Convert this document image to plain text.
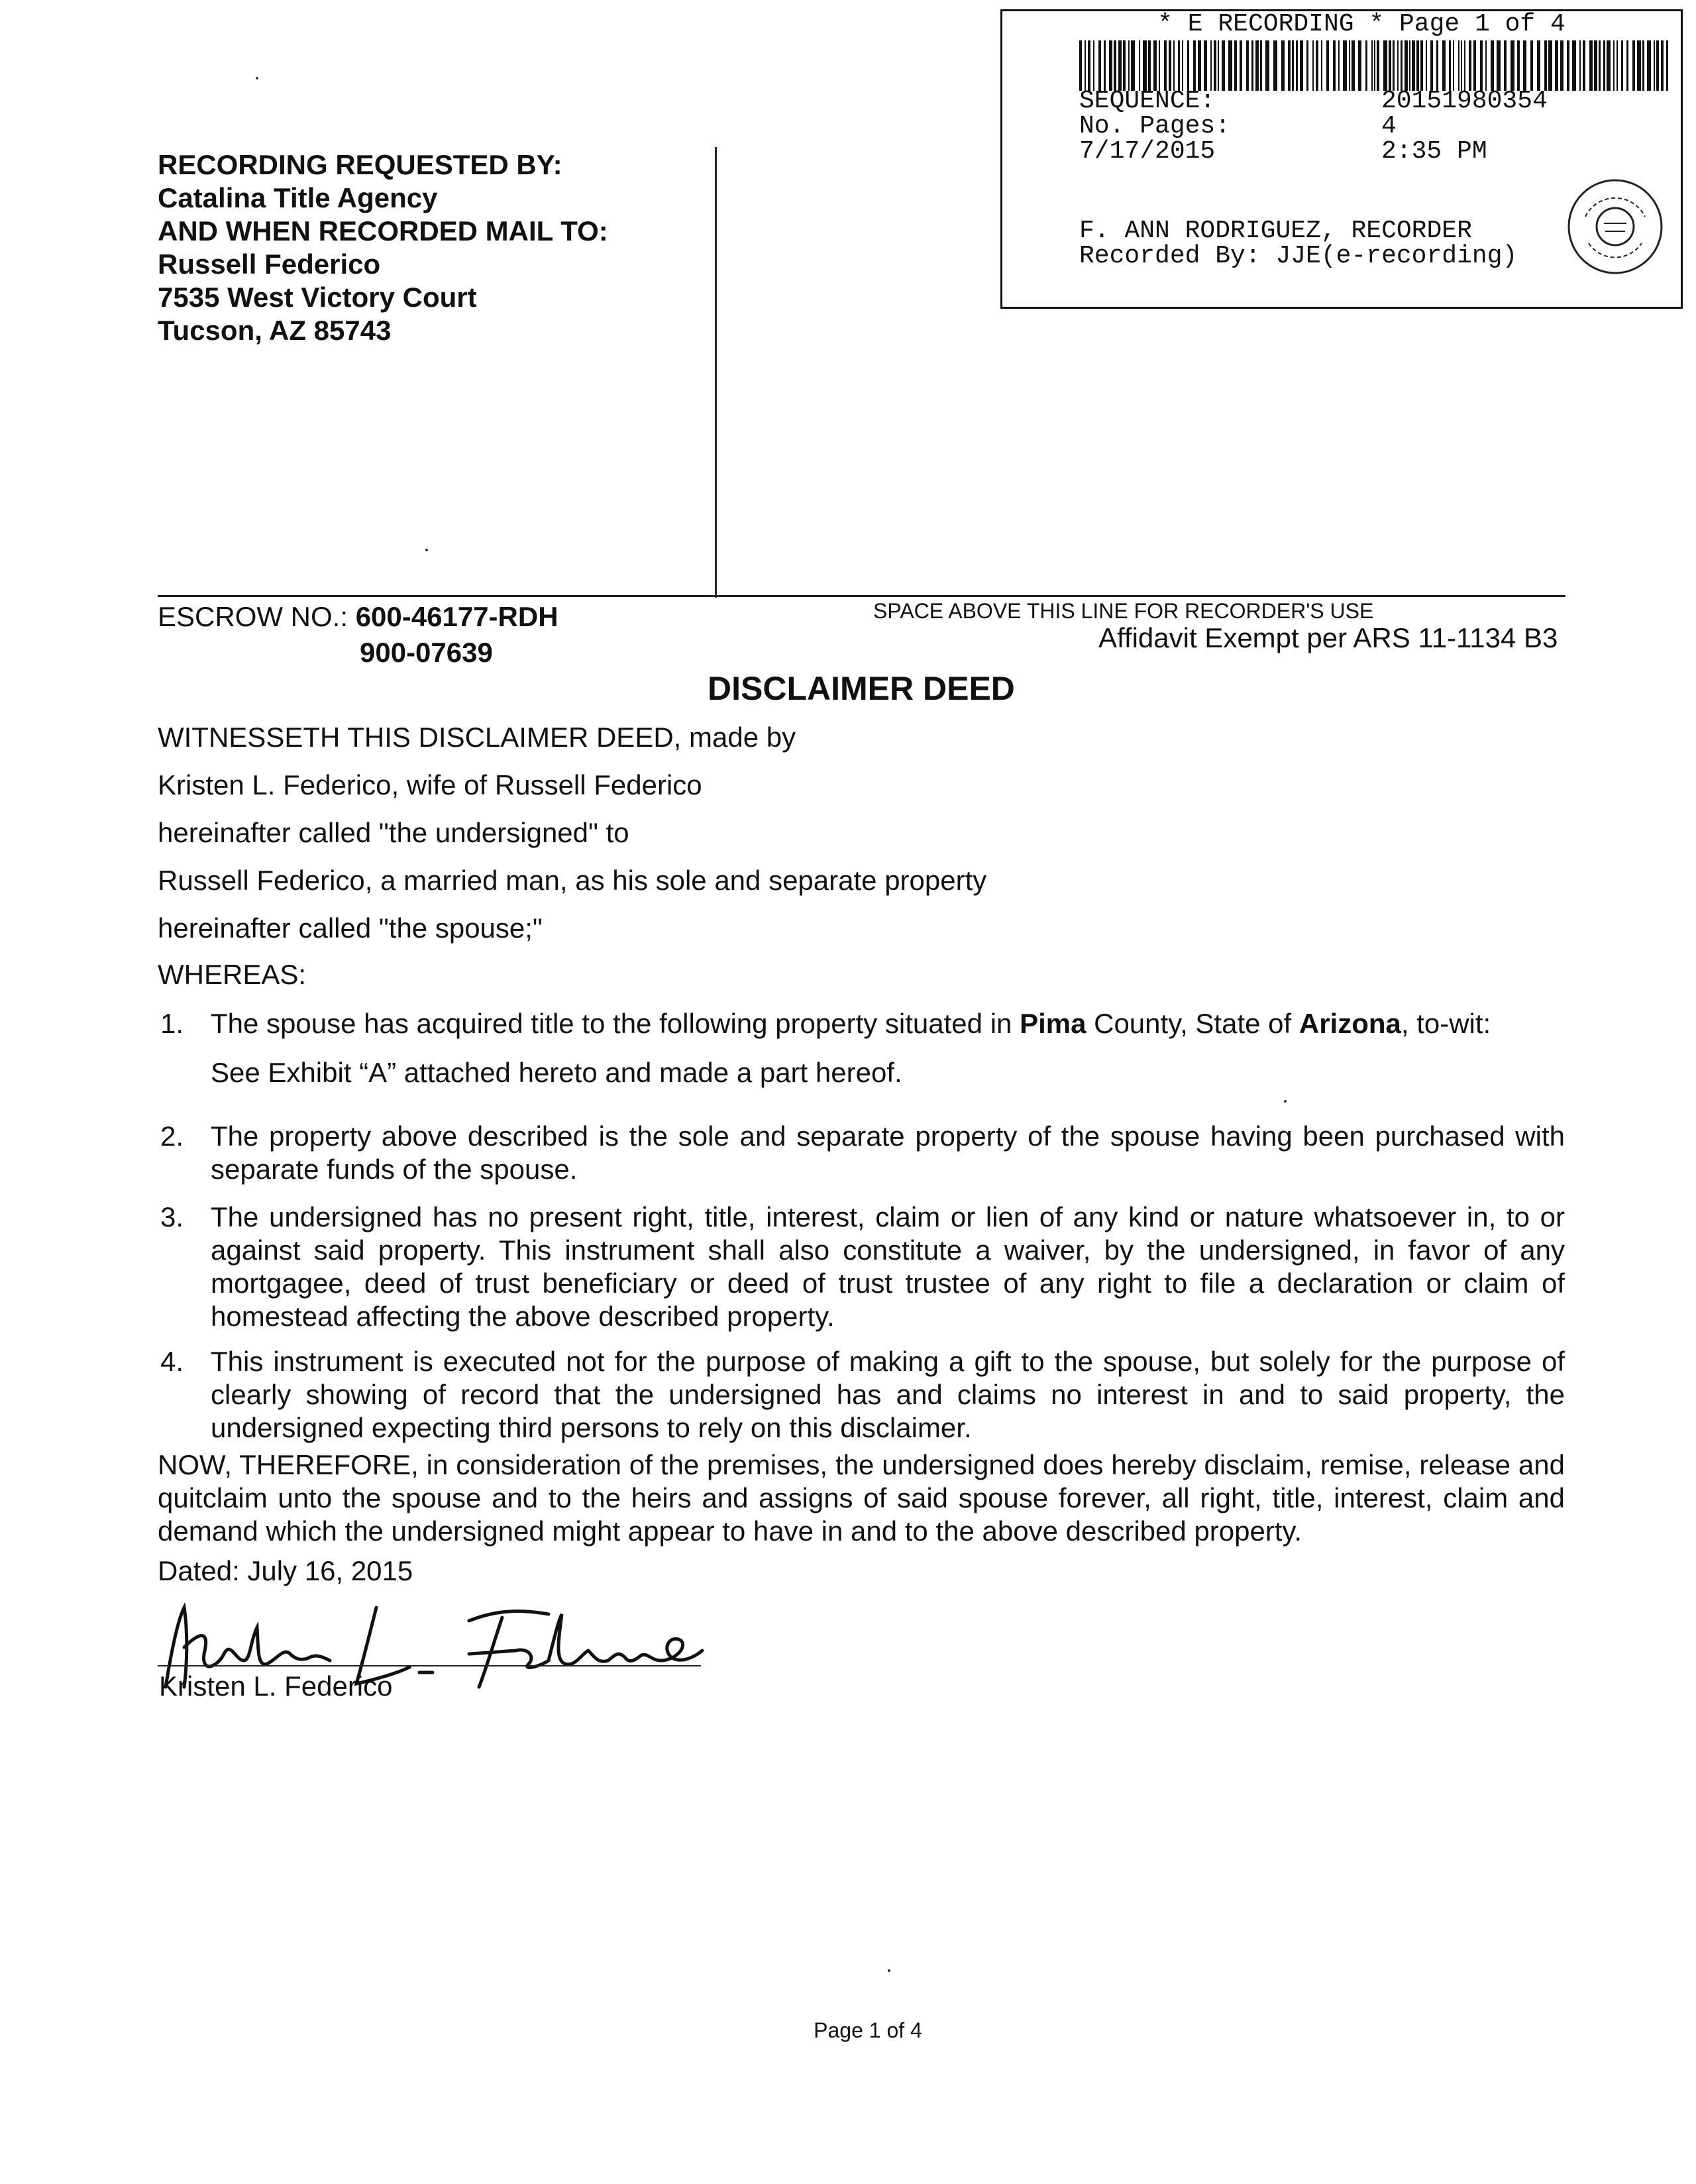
* E RECORDING * Page 1 of 4
SEQUENCE:	20151980354
No. Pages:	4
7/17/2015	2:35 PM
F. ANN RODRIGUEZ, RECORDER
Recorded By: JJE(e-recording)
RECORDING REQUESTED BY:
Catalina Title Agency
AND WHEN RECORDED MAIL TO:
Russell Federico
7535 West Victory Court
Tucson, AZ 85743
ESCROW NO.: 600-46177-RDH
900-07639
SPACE ABOVE THIS LINE FOR RECORDER'S USE
Affidavit Exempt per ARS 11-1134 B3
DISCLAIMER DEED
WITNESSETH THIS DISCLAIMER DEED, made by
Kristen L. Federico, wife of Russell Federico
hereinafter called "the undersigned" to
Russell Federico, a married man, as his sole and separate property
hereinafter called "the spouse;"
WHEREAS:
1. The spouse has acquired title to the following property situated in Pima County, State of Arizona, to-wit:
See Exhibit “A” attached hereto and made a part hereof.
2. The property above described is the sole and separate property of the spouse having been purchased with separate funds of the spouse.
3. The undersigned has no present right, title, interest, claim or lien of any kind or nature whatsoever in, to or against said property. This instrument shall also constitute a waiver, by the undersigned, in favor of any mortgagee, deed of trust beneficiary or deed of trust trustee of any right to file a declaration or claim of homestead affecting the above described property.
4. This instrument is executed not for the purpose of making a gift to the spouse, but solely for the purpose of clearly showing of record that the undersigned has and claims no interest in and to said property, the undersigned expecting third persons to rely on this disclaimer.
NOW, THEREFORE, in consideration of the premises, the undersigned does hereby disclaim, remise, release and quitclaim unto the spouse and to the heirs and assigns of said spouse forever, all right, title, interest, claim and demand which the undersigned might appear to have in and to the above described property.
Dated: July 16, 2015
Kristen L. Federico
Page 1 of 4
